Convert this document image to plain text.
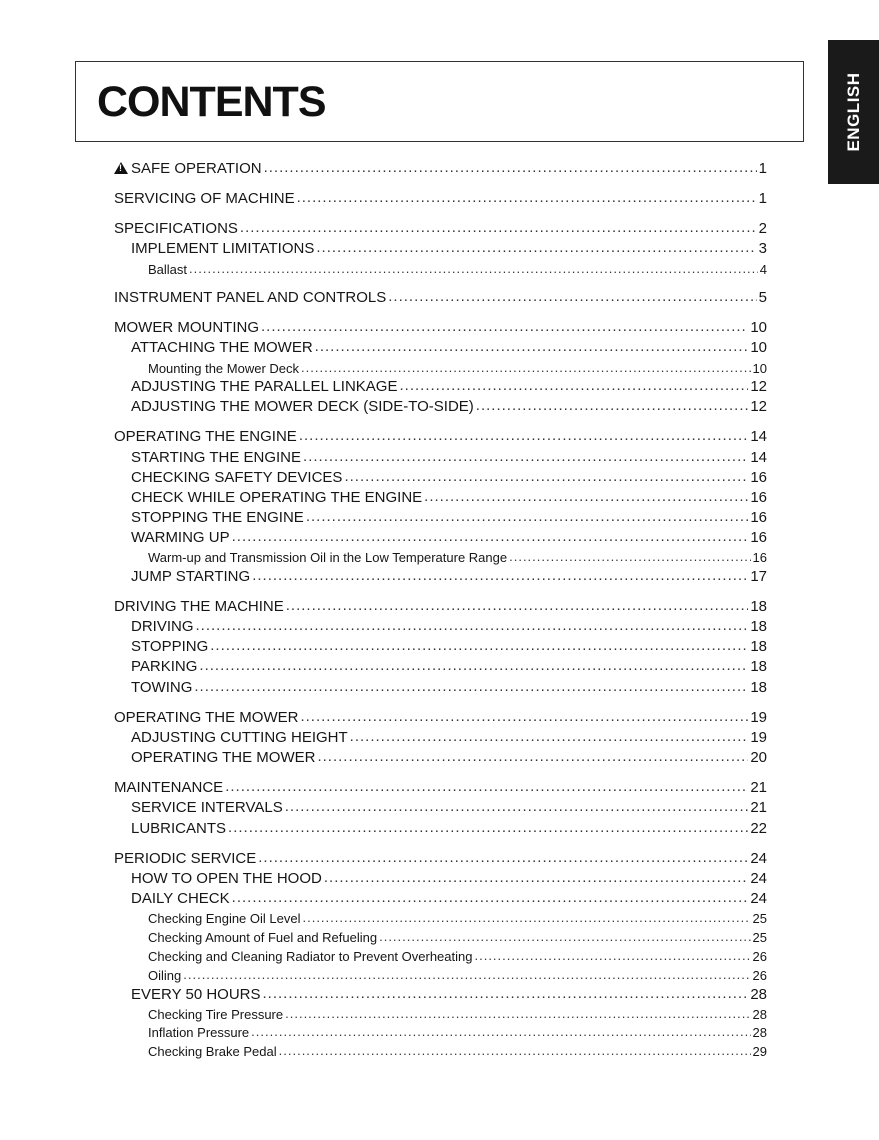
CONTENTS	ENGLISH
!SAFE OPERATION .....	1
SERVICING OF MACHINE .....	1
SPECIFICATIONS .....	2
IMPLEMENT LIMITATIONS .....	3
Ballast .....	4
INSTRUMENT PANEL AND CONTROLS .....	5
MOWER MOUNTING .....	10
ATTACHING THE MOWER .....	10
Mounting the Mower Deck .....	10
ADJUSTING THE PARALLEL LINKAGE .....	12
ADJUSTING THE MOWER DECK (SIDE-TO-SIDE) .....	12
OPERATING THE ENGINE .....	14
STARTING THE ENGINE .....	14
CHECKING SAFETY DEVICES .....	16
CHECK WHILE OPERATING THE ENGINE .....	16
STOPPING THE ENGINE .....	16
WARMING UP .....	16
Warm-up and Transmission Oil in the Low Temperature Range .....	16
JUMP STARTING .....	17
DRIVING THE MACHINE .....	18
DRIVING .....	18
STOPPING .....	18
PARKING .....	18
TOWING .....	18
OPERATING THE MOWER .....	19
ADJUSTING CUTTING HEIGHT .....	19
OPERATING THE MOWER .....	20
MAINTENANCE .....	21
SERVICE INTERVALS .....	21
LUBRICANTS .....	22
PERIODIC SERVICE .....	24
HOW TO OPEN THE HOOD .....	24
DAILY CHECK .....	24
Checking Engine Oil Level .....	25
Checking Amount of Fuel and Refueling .....	25
Checking and Cleaning Radiator to Prevent Overheating .....	26
Oiling .....	26
EVERY 50 HOURS .....	28
Checking Tire Pressure .....	28
Inflation Pressure .....	28
Checking Brake Pedal .....	29
